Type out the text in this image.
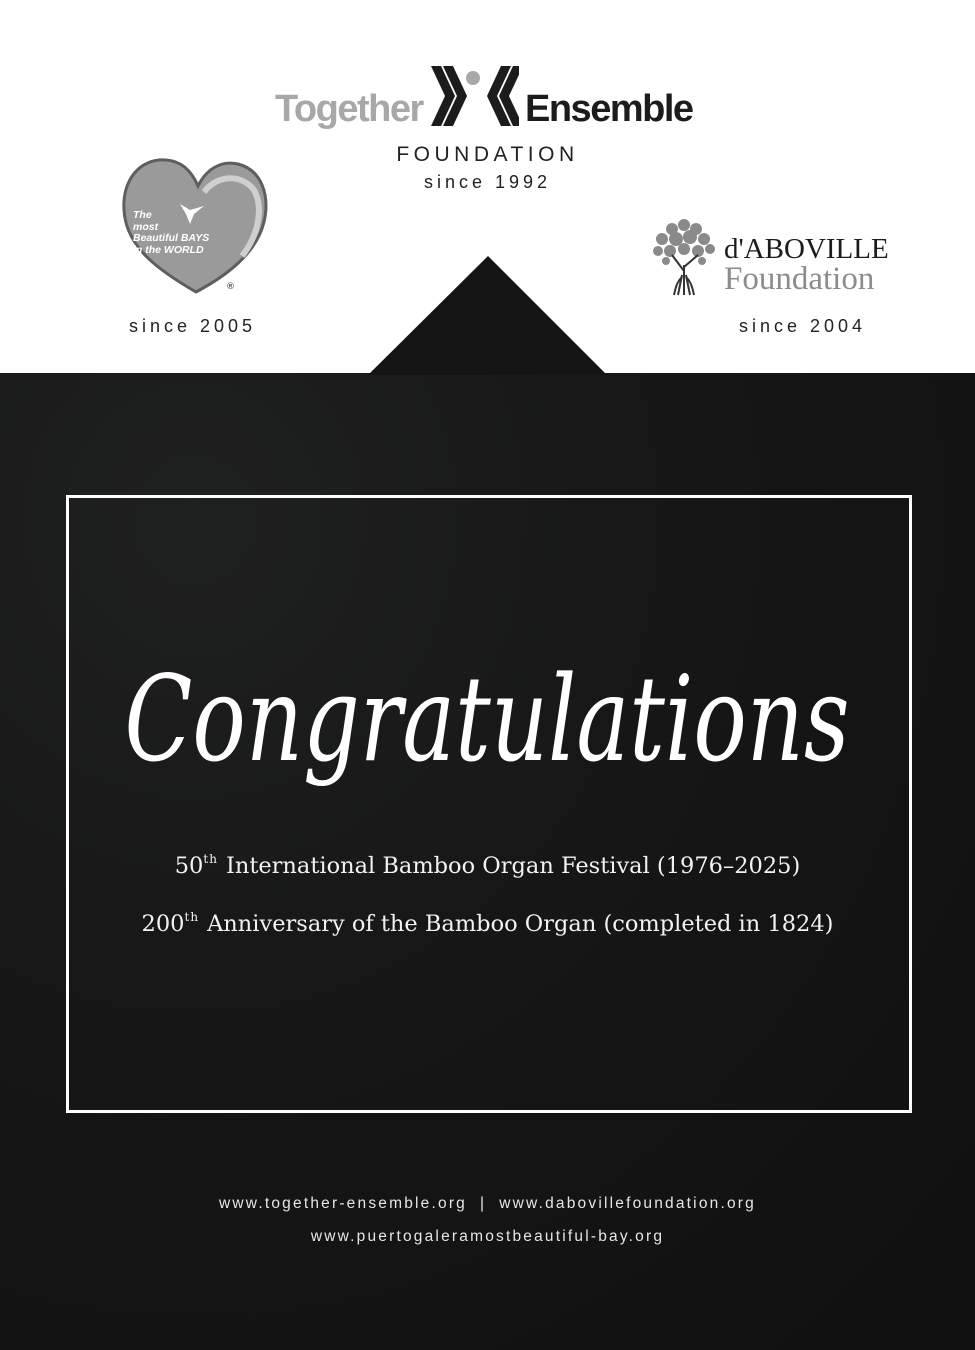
Together	Ensemble
FOUNDATION
since 1992
The
most
Beautiful BAYS
in the WORLD
®
since 2005
d'ABOVILLE
Foundation
since 2004
Congratulations
50th International Bamboo Organ Festival (1976–2025)
200th Anniversary of the Bamboo Organ (completed in 1824)
www.together-ensemble.org  |  www.dabovillefoundation.org
www.puertogaleramostbeautiful-bay.org
